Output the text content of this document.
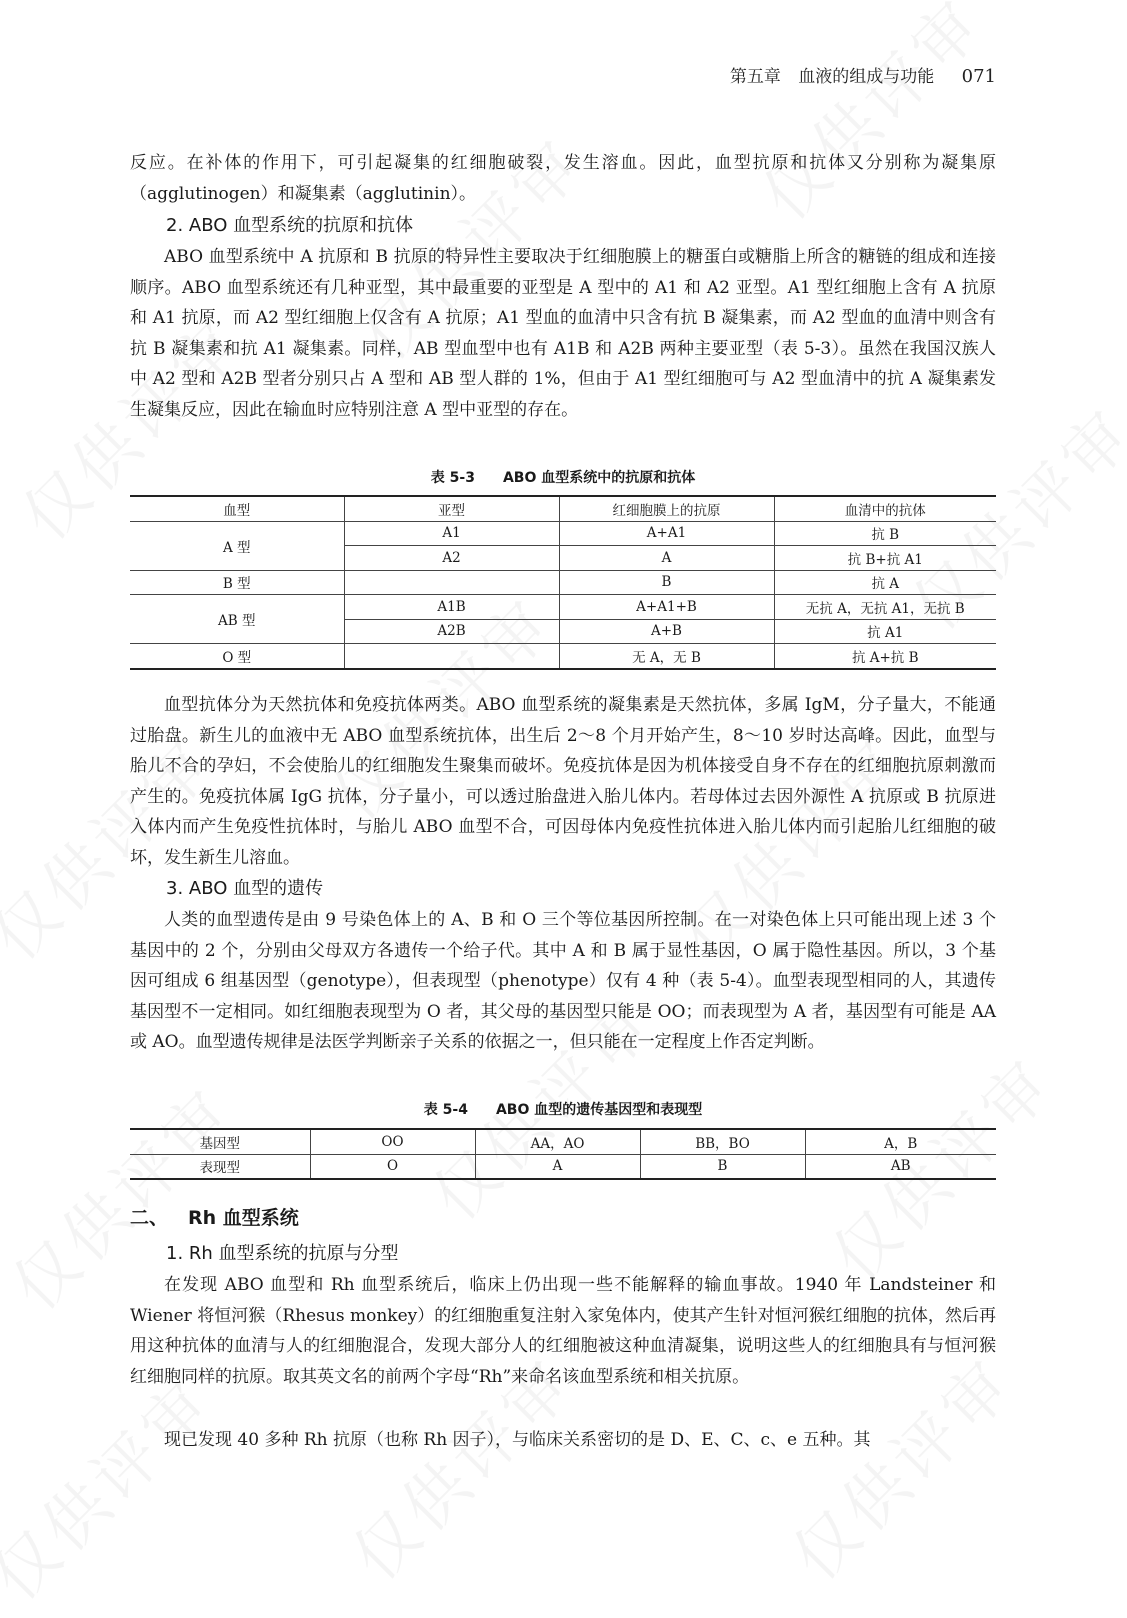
第五章 血液的组成与功能 071

反应。在补体的作用下，可引起凝集的红细胞破裂，发生溶血。因此，血型抗原和抗体又分别称为凝集原（agglutinogen）和凝集素（agglutinin）。

2. ABO 血型系统的抗原和抗体

ABO 血型系统中 A 抗原和 B 抗原的特异性主要取决于红细胞膜上的糖蛋白或糖脂上所含的糖链的组成和连接顺序。ABO 血型系统还有几种亚型，其中最重要的亚型是 A 型中的 A1 和 A2 亚型。A1 型红细胞上含有 A 抗原和 A1 抗原，而 A2 型红细胞上仅含有 A 抗原；A1 型血的血清中只含有抗 B 凝集素，而 A2 型血的血清中则含有抗 B 凝集素和抗 A1 凝集素。同样，AB 型血型中也有 A1B 和 A2B 两种主要亚型（表 5-3）。虽然在我国汉族人中 A2 型和 A2B 型者分别只占 A 型和 AB 型人群的 1%，但由于 A1 型红细胞可与 A2 型血清中的抗 A 凝集素发生凝集反应，因此在输血时应特别注意 A 型中亚型的存在。

表 5-3 ABO 血型系统中的抗原和抗体

血型	亚型	红细胞膜上的抗原	血清中的抗体
A 型	A1	A+A1	抗 B
	A2	A	抗 B+抗 A1
B 型		B	抗 A
AB 型	A1B	A+A1+B	无抗 A，无抗 A1，无抗 B
	A2B	A+B	抗 A1
O 型		无 A，无 B	抗 A+抗 B

血型抗体分为天然抗体和免疫抗体两类。ABO 血型系统的凝集素是天然抗体，多属 IgM，分子量大，不能通过胎盘。新生儿的血液中无 ABO 血型系统抗体，出生后 2～8 个月开始产生，8～10 岁时达高峰。因此，血型与胎儿不合的孕妇，不会使胎儿的红细胞发生聚集而破坏。免疫抗体是因为机体接受自身不存在的红细胞抗原刺激而产生的。免疫抗体属 IgG 抗体，分子量小，可以透过胎盘进入胎儿体内。若母体过去因外源性 A 抗原或 B 抗原进入体内而产生免疫性抗体时，与胎儿 ABO 血型不合，可因母体内免疫性抗体进入胎儿体内而引起胎儿红细胞的破坏，发生新生儿溶血。

3. ABO 血型的遗传

人类的血型遗传是由 9 号染色体上的 A、B 和 O 三个等位基因所控制。在一对染色体上只可能出现上述 3 个基因中的 2 个，分别由父母双方各遗传一个给子代。其中 A 和 B 属于显性基因，O 属于隐性基因。所以，3 个基因可组成 6 组基因型（genotype），但表现型（phenotype）仅有 4 种（表 5-4）。血型表现型相同的人，其遗传基因型不一定相同。如红细胞表现型为 O 者，其父母的基因型只能是 OO；而表现型为 A 者，基因型有可能是 AA 或 AO。血型遗传规律是法医学判断亲子关系的依据之一，但只能在一定程度上作否定判断。

表 5-4 ABO 血型的遗传基因型和表现型

基因型	OO	AA，AO	BB，BO	A，B
表现型	O	A	B	AB

二、 Rh 血型系统

1. Rh 血型系统的抗原与分型

在发现 ABO 血型和 Rh 血型系统后，临床上仍出现一些不能解释的输血事故。1940 年 Landsteiner 和 Wiener 将恒河猴（Rhesus monkey）的红细胞重复注射入家兔体内，使其产生针对恒河猴红细胞的抗体，然后再用这种抗体的血清与人的红细胞混合，发现大部分人的红细胞被这种血清凝集，说明这些人的红细胞具有与恒河猴红细胞同样的抗原。取其英文名的前两个字母“Rh”来命名该血型系统和相关抗原。

现已发现 40 多种 Rh 抗原（也称 Rh 因子），与临床关系密切的是 D、E、C、c、e 五种。其
